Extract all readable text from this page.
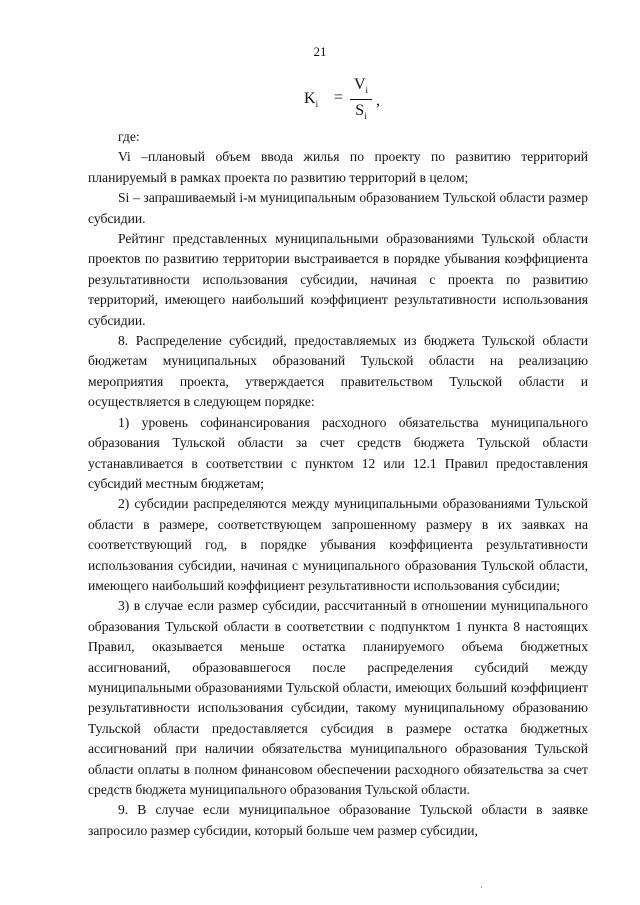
21
$K_i$ =
$V_i$
$S_i$
,

где:

Vi –плановый объем ввода жилья по проекту по развитию территорий планируемый в рамках проекта по развитию территорий в целом;

Si – запрашиваемый i-м муниципальным образованием Тульской области размер субсидии.

Рейтинг представленных муниципальными образованиями Тульской области проектов по развитию территории выстраивается в порядке убывания коэффициента результативности использования субсидии, начиная с проекта по развитию территорий, имеющего наибольший коэффициент результативности использования субсидии.

8. Распределение субсидий, предоставляемых из бюджета Тульской области бюджетам муниципальных образований Тульской области на реализацию мероприятия проекта, утверждается правительством Тульской области и осуществляется в следующем порядке:

1) уровень софинансирования расходного обязательства муниципального образования Тульской области за счет средств бюджета Тульской области устанавливается в соответствии с пунктом 12 или 12.1 Правил предоставления субсидий местным бюджетам;

2) субсидии распределяются между муниципальными образованиями Тульской области в размере, соответствующем запрошенному размеру в их заявках на соответствующий год, в порядке убывания коэффициента результативности использования субсидии, начиная с муниципального образования Тульской области, имеющего наибольший коэффициент результативности использования субсидии;

3) в случае если размер субсидии, рассчитанный в отношении муниципального образования Тульской области в соответствии с подпунктом 1 пункта 8 настоящих Правил, оказывается меньше остатка планируемого объема бюджетных ассигнований, образовавшегося после распределения субсидий между муниципальными образованиями Тульской области, имеющих больший коэффициент результативности использования субсидии, такому муниципальному образованию Тульской области предоставляется субсидия в размере остатка бюджетных ассигнований при наличии обязательства муниципального образования Тульской области оплаты в полном финансовом обеспечении расходного обязательства за счет средств бюджета муниципального образования Тульской области.

9. В случае если муниципальное образование Тульской области в заявке запросило размер субсидии, который больше чем размер субсидии,

·
